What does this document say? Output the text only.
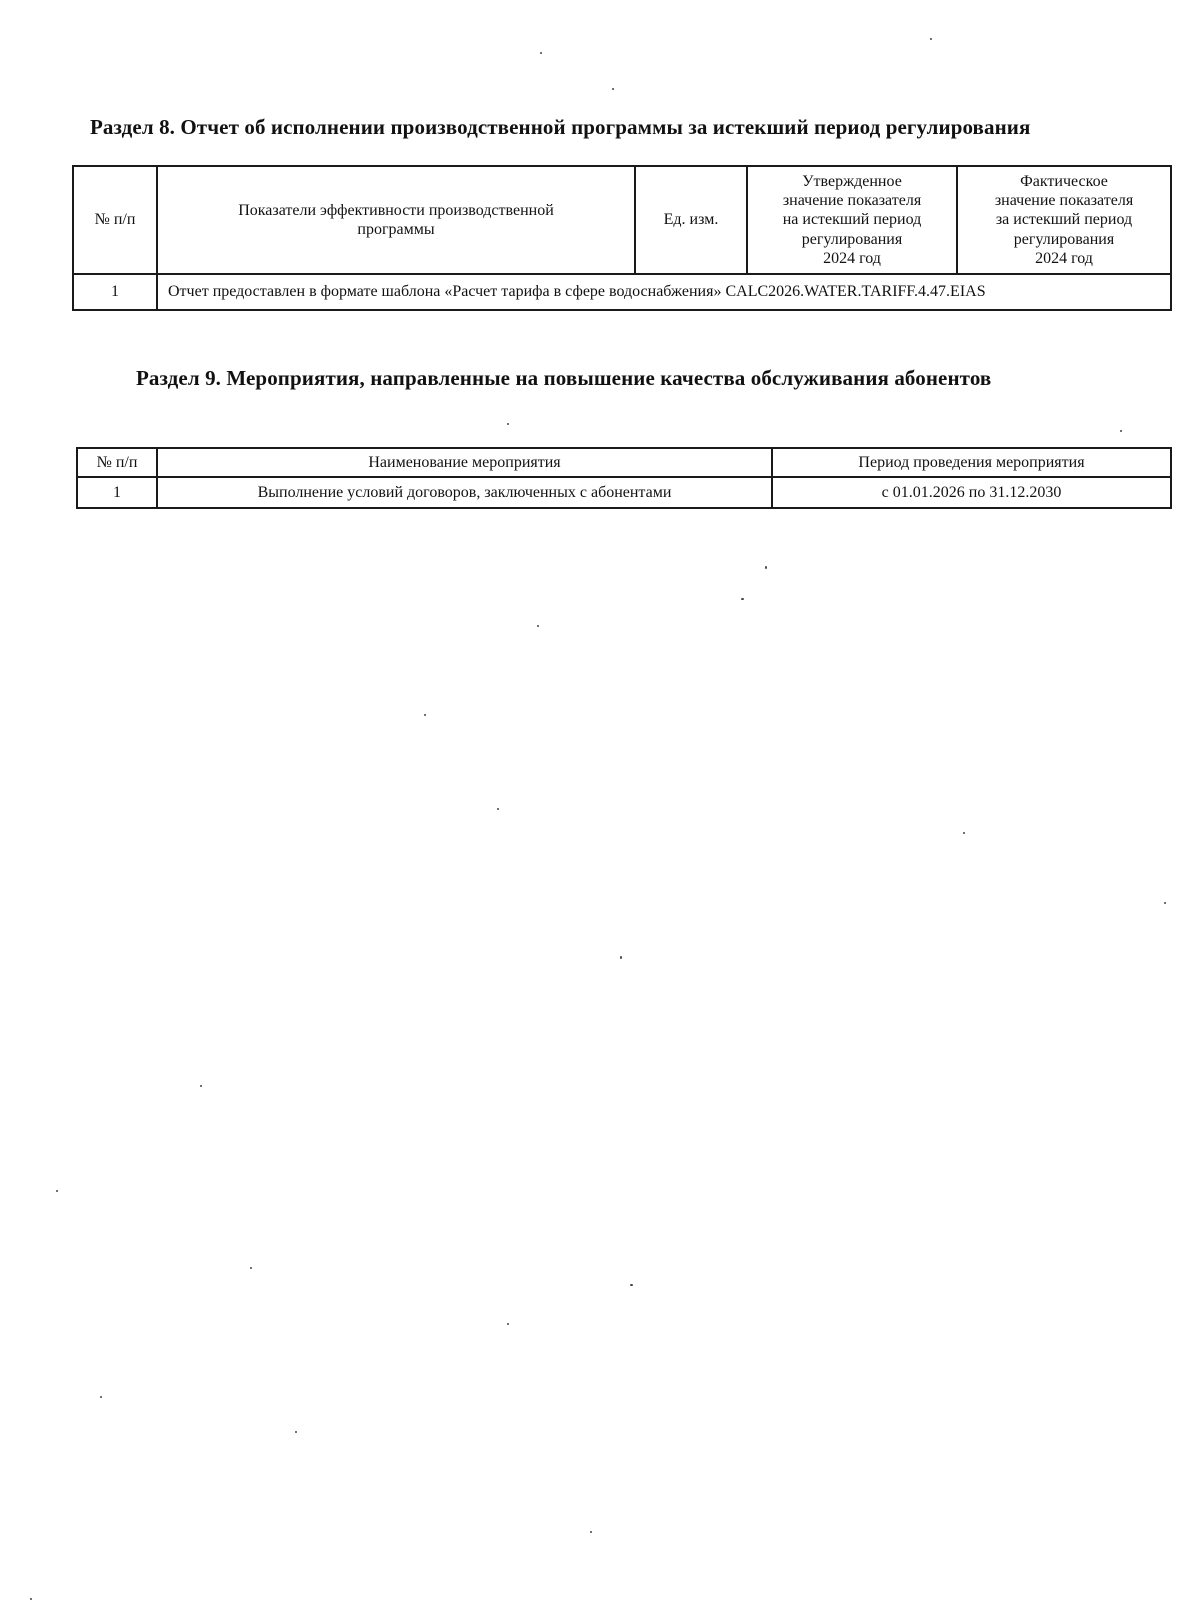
Раздел 8. Отчет об исполнении производственной программы за истекший период регулирования
№ п/п	Показатели эффективности производственной
программы	Ед. изм.	Утвержденное
значение показателя
на истекший период
регулирования
2024 год	Фактическое
значение показателя
за истекший период
регулирования
2024 год
1	Отчет предоставлен в формате шаблона «Расчет тарифа в сфере водоснабжения» CALC2026.WATER.TARIFF.4.47.EIAS			
Раздел 9. Мероприятия, направленные на повышение качества обслуживания абонентов
№ п/п	Наименование мероприятия	Период проведения мероприятия
1	Выполнение условий договоров, заключенных с абонентами	с 01.01.2026 по 31.12.2030
